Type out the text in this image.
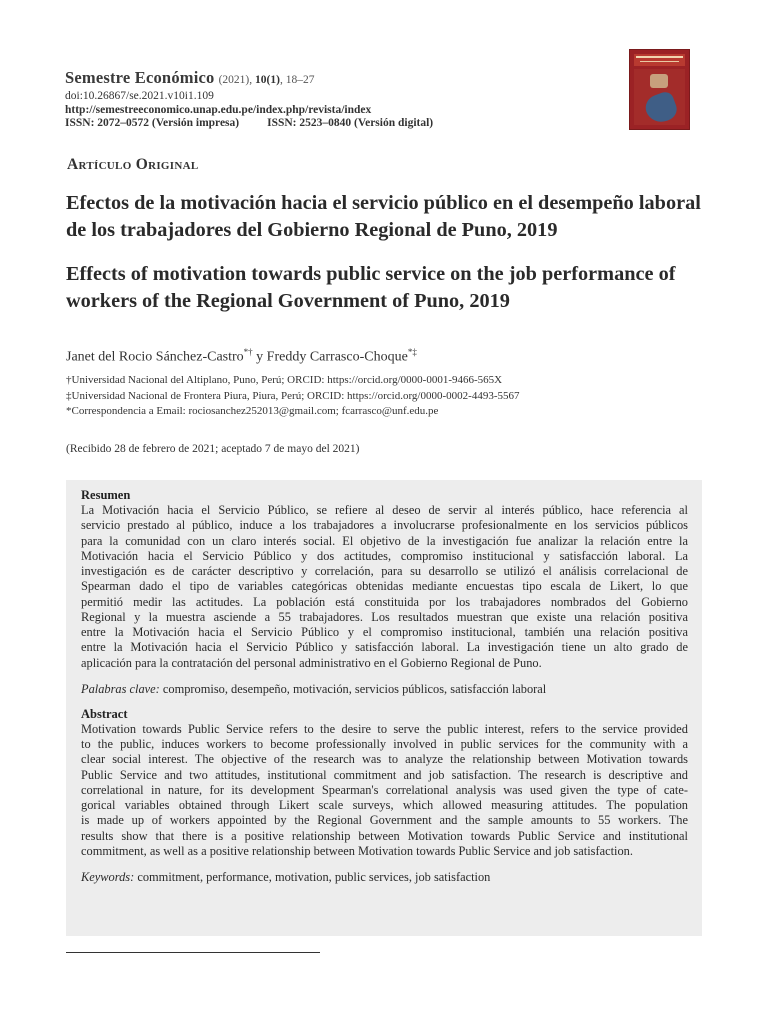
Semestre Económico (2021), 10(1), 18–27
doi:10.26867/se.2021.v10i1.109
http://semestreeconomico.unap.edu.pe/index.php/revista/index
ISSN: 2072–0572 (Versión impresa) ISSN: 2523–0840 (Versión digital)
Artículo Original
Efectos de la motivación hacia el servicio público en el desempeño laboral de los trabajadores del Gobierno Regional de Puno, 2019
Effects of motivation towards public service on the job performance of workers of the Regional Government of Puno, 2019
Janet del Rocio Sánchez-Castro*† y Freddy Carrasco-Choque*‡
†Universidad Nacional del Altiplano, Puno, Perú; ORCID: https://orcid.org/0000-0001-9466-565X
‡Universidad Nacional de Frontera Piura, Piura, Perú; ORCID: https://orcid.org/0000-0002-4493-5567
*Correspondencia a Email: rociosanchez252013@gmail.com; fcarrasco@unf.edu.pe
(Recibido 28 de febrero de 2021; aceptado 7 de mayo del 2021)

Resumen

La Motivación hacia el Servicio Público, se refiere al deseo de servir al interés público, hace referencia al
servicio prestado al público, induce a los trabajadores a involucrarse profesionalmente en los servicios públicos
para la comunidad con un claro interés social. El objetivo de la investigación fue analizar la relación entre la
Motivación hacia el Servicio Público y dos actitudes, compromiso institucional y satisfacción laboral. La
investigación es de carácter descriptivo y correlación, para su desarrollo se utilizó el análisis correlacional de
Spearman dado el tipo de variables categóricas obtenidas mediante encuestas tipo escala de Likert, lo que
permitió medir las actitudes. La población está constituida por los trabajadores nombrados del Gobierno
Regional y la muestra asciende a 55 trabajadores. Los resultados muestran que existe una relación positiva
entre la Motivación hacia el Servicio Público y el compromiso institucional, también una relación positiva
entre la Motivación hacia el Servicio Público y satisfacción laboral. La investigación tiene un alto grado de
aplicación para la contratación del personal administrativo en el Gobierno Regional de Puno.

Palabras clave: compromiso, desempeño, motivación, servicios públicos, satisfacción laboral

Abstract

Motivation towards Public Service refers to the desire to serve the public interest, refers to the service provided
to the public, induces workers to become professionally involved in public services for the community with a
clear social interest. The objective of the research was to analyze the relationship between Motivation towards
Public Service and two attitudes, institutional commitment and job satisfaction. The research is descriptive and
correlational in nature, for its development Spearman's correlational analysis was used given the type of cate-
gorical variables obtained through Likert scale surveys, which allowed measuring attitudes. The population
is made up of workers appointed by the Regional Government and the sample amounts to 55 workers. The
results show that there is a positive relationship between Motivation towards Public Service and institutional
commitment, as well as a positive relationship between Motivation towards Public Service and job satisfaction.

Keywords: commitment, performance, motivation, public services, job satisfaction
